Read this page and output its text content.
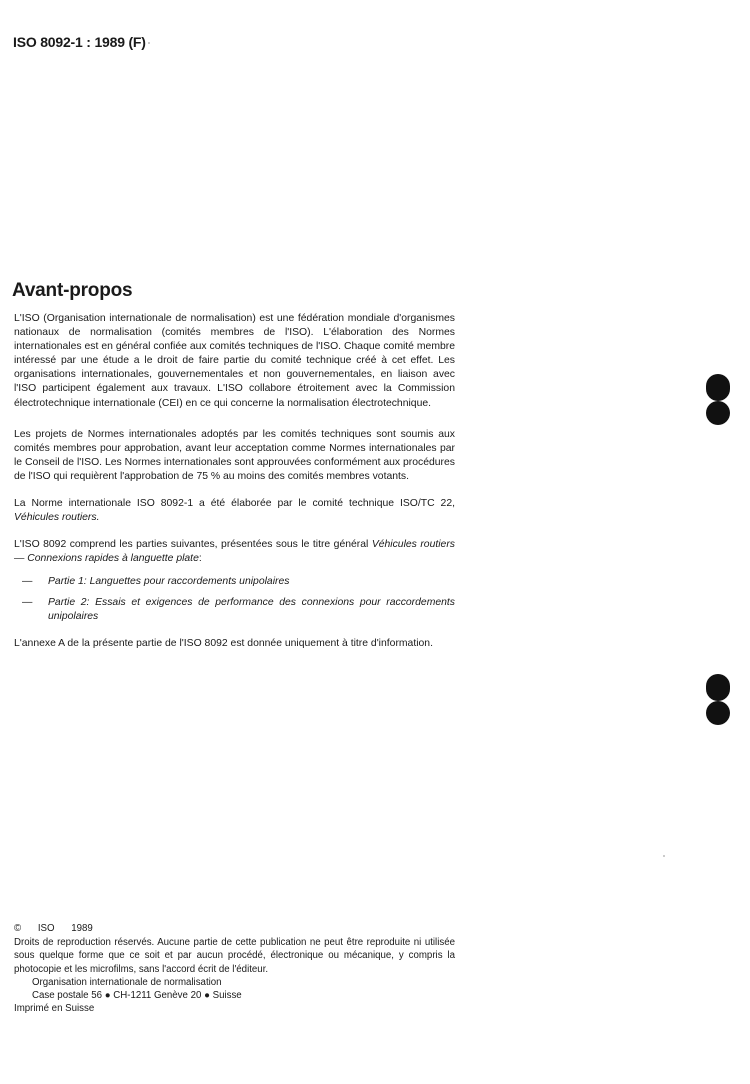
ISO 8092-1 : 1989 (F)
Avant-propos

L'ISO (Organisation internationale de normalisation) est une fédération mondiale d'organismes nationaux de normalisation (comités membres de l'ISO). L'élaboration des Normes internationales est en général confiée aux comités techniques de l'ISO. Chaque comité membre intéressé par une étude a le droit de faire partie du comité technique créé à cet effet. Les organisations internationales, gouvernementales et non gouvernementales, en liaison avec l'ISO participent également aux travaux. L'ISO collabore étroitement avec la Commission électrotechnique internationale (CEI) en ce qui concerne la normalisation électrotechnique.

Les projets de Normes internationales adoptés par les comités techniques sont soumis aux comités membres pour approbation, avant leur acceptation comme Normes internationales par le Conseil de l'ISO. Les Normes internationales sont approuvées conformément aux procédures de l'ISO qui requièrent l'approbation de 75 % au moins des comités membres votants.

La Norme internationale ISO 8092-1 a été élaborée par le comité technique ISO/TC 22, Véhicules routiers.

L'ISO 8092 comprend les parties suivantes, présentées sous le titre général Véhicules routiers — Connexions rapides à languette plate:

—	Partie 1: Languettes pour raccordements unipolaires
—	Partie 2: Essais et exigences de performance des connexions pour raccordements unipolaires

L'annexe A de la présente partie de l'ISO 8092 est donnée uniquement à titre d'information.

© ISO 1989
Droits de reproduction réservés. Aucune partie de cette publication ne peut être reproduite ni utilisée sous quelque forme que ce soit et par aucun procédé, électronique ou mécanique, y compris la photocopie et les microfilms, sans l'accord écrit de l'éditeur.
Organisation internationale de normalisation
Case postale 56 ● CH-1211 Genève 20 ● Suisse
Imprimé en Suisse
